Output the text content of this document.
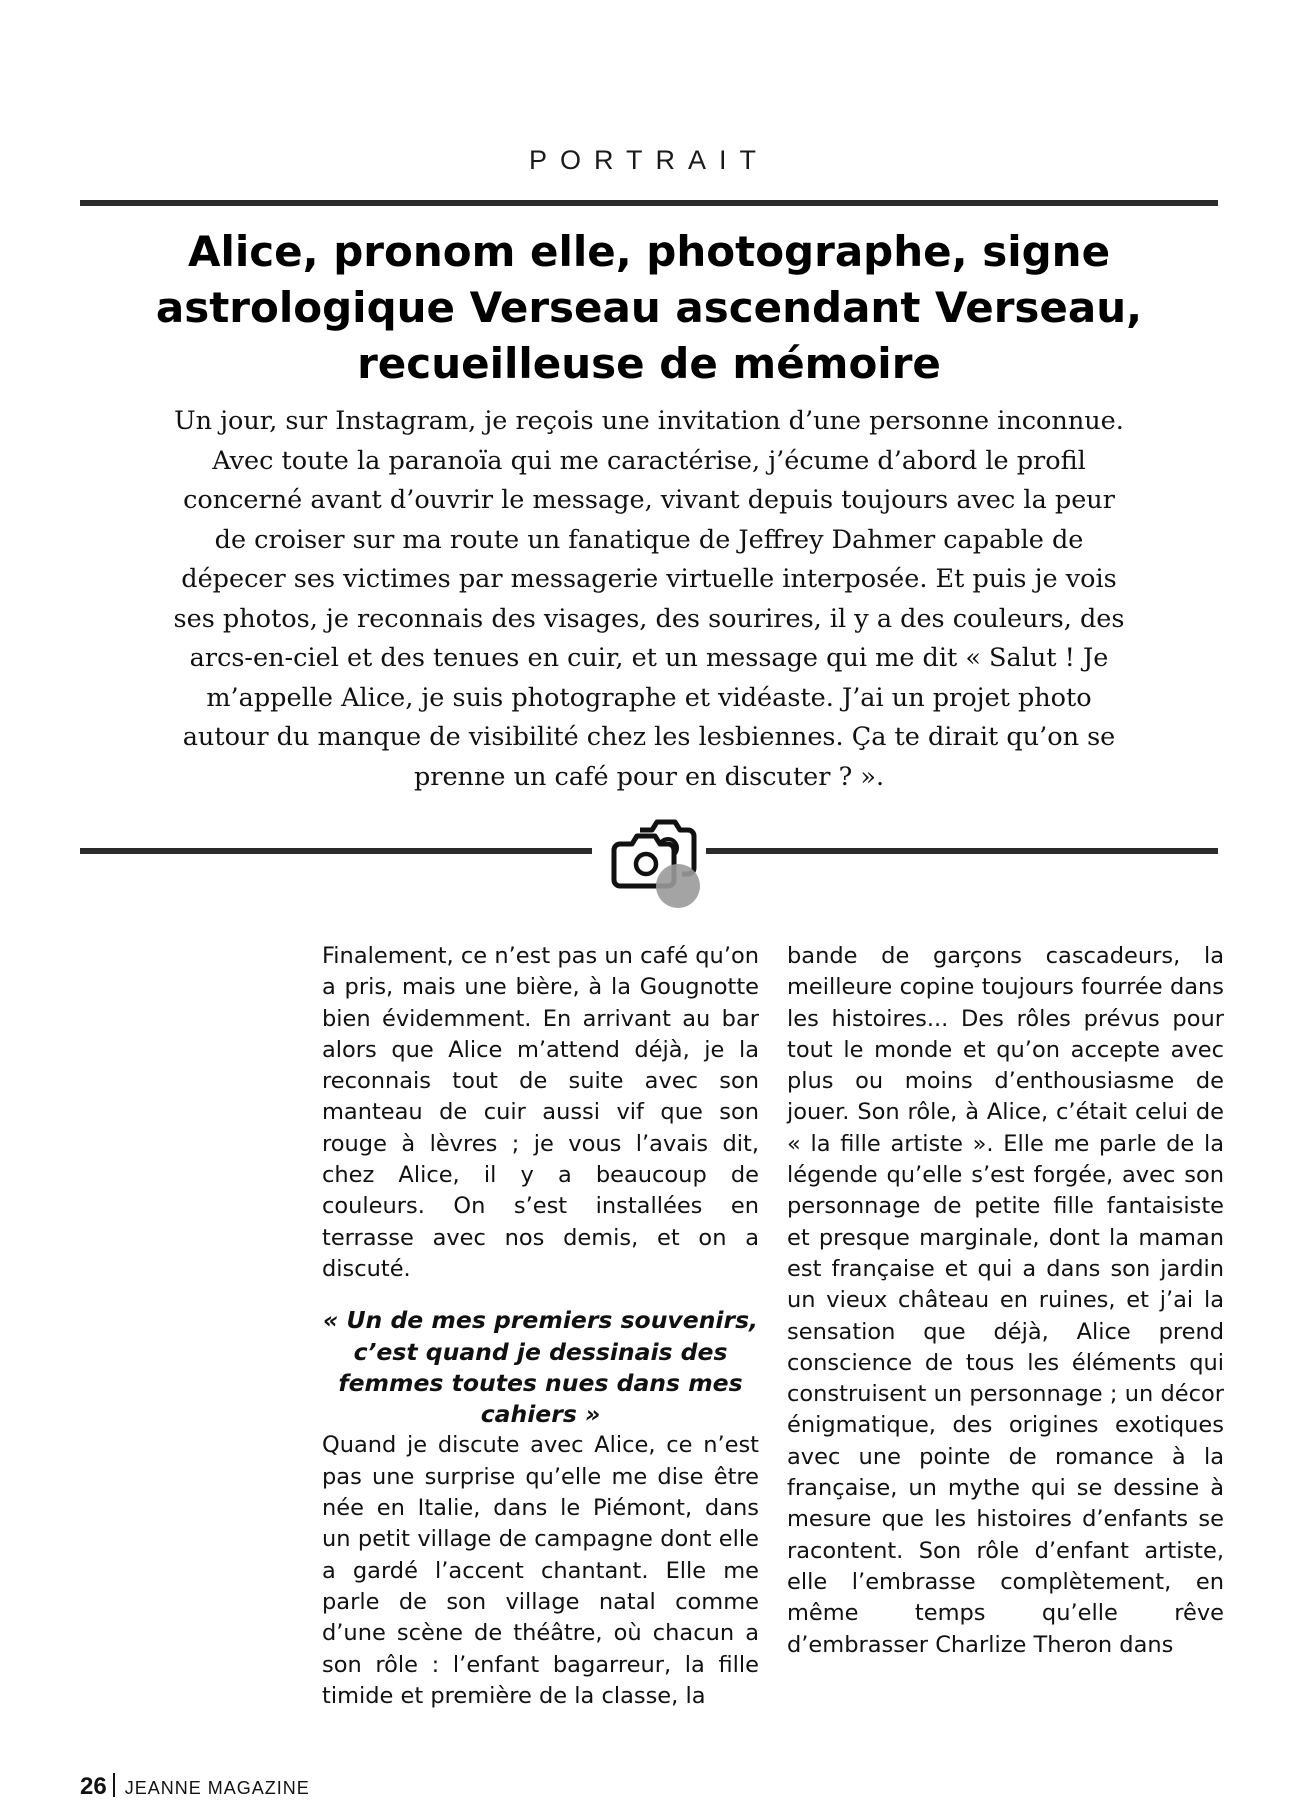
PORTRAIT
Alice, pronom elle, photographe, signe astrologique Verseau ascendant Verseau, recueilleuse de mémoire

Un jour, sur Instagram, je reçois une invitation d’une personne inconnue. Avec toute la paranoïa qui me caractérise, j’écume d’abord le profil concerné avant d’ouvrir le message, vivant depuis toujours avec la peur de croiser sur ma route un fanatique de Jeffrey Dahmer capable de dépecer ses victimes par messagerie virtuelle interposée. Et puis je vois ses photos, je reconnais des visages, des sourires, il y a des couleurs, des arcs-en-ciel et des tenues en cuir, et un message qui me dit « Salut ! Je m’appelle Alice, je suis photographe et vidéaste. J’ai un projet photo autour du manque de visibilité chez les lesbiennes. Ça te dirait qu’on se prenne un café pour en discuter ? ».

Finalement, ce n’est pas un café qu’on a pris, mais une bière, à la Gougnotte bien évidemment. En arrivant au bar alors que Alice m’attend déjà, je la reconnais tout de suite avec son manteau de cuir aussi vif que son rouge à lèvres ; je vous l’avais dit, chez Alice, il y a beaucoup de couleurs. On s’est installées en terrasse avec nos demis, et on a discuté.

« Un de mes premiers souvenirs, c’est quand je dessinais des femmes toutes nues dans mes cahiers »

Quand je discute avec Alice, ce n’est pas une surprise qu’elle me dise être née en Italie, dans le Piémont, dans un petit village de campagne dont elle a gardé l’accent chantant. Elle me parle de son village natal comme d’une scène de théâtre, où chacun a son rôle : l’enfant bagarreur, la fille timide et première de la classe, la

bande de garçons cascadeurs, la meilleure copine toujours fourrée dans les histoires... Des rôles prévus pour tout le monde et qu’on accepte avec plus ou moins d’enthousiasme de jouer. Son rôle, à Alice, c’était celui de « la fille artiste ». Elle me parle de la légende qu’elle s’est forgée, avec son personnage de petite fille fantaisiste et presque marginale, dont la maman est française et qui a dans son jardin un vieux château en ruines, et j’ai la sensation que déjà, Alice prend conscience de tous les éléments qui construisent un personnage ; un décor énigmatique, des origines exotiques avec une pointe de romance à la française, un mythe qui se dessine à mesure que les histoires d’enfants se racontent. Son rôle d’enfant artiste, elle l’embrasse complètement, en même temps qu’elle rêve d’embrasser Charlize Theron dans

26 JEANNE MAGAZINE
